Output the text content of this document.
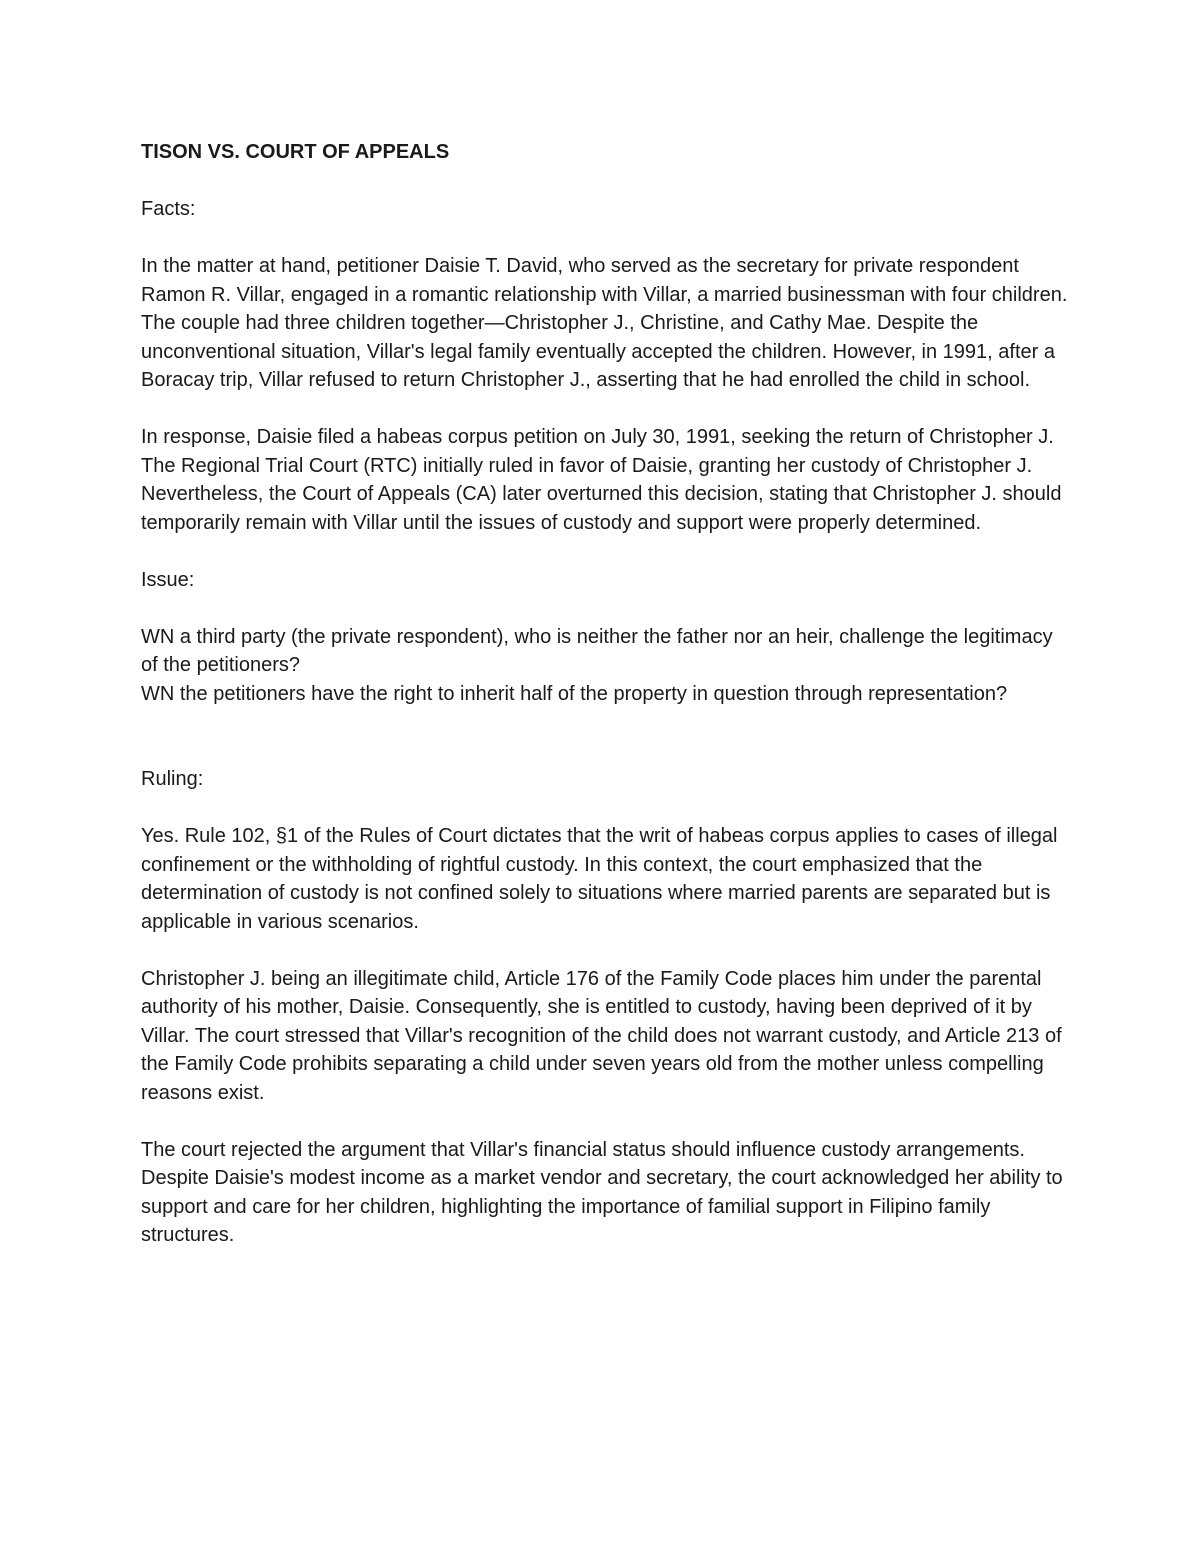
TISON VS. COURT OF APPEALS
Facts:

In the matter at hand, petitioner Daisie T. David, who served as the secretary for private respondent Ramon R. Villar, engaged in a romantic relationship with Villar, a married businessman with four children. The couple had three children together—Christopher J., Christine, and Cathy Mae. Despite the unconventional situation, Villar's legal family eventually accepted the children. However, in 1991, after a Boracay trip, Villar refused to return Christopher J., asserting that he had enrolled the child in school.

In response, Daisie filed a habeas corpus petition on July 30, 1991, seeking the return of Christopher J. The Regional Trial Court (RTC) initially ruled in favor of Daisie, granting her custody of Christopher J. Nevertheless, the Court of Appeals (CA) later overturned this decision, stating that Christopher J. should temporarily remain with Villar until the issues of custody and support were properly determined.

Issue:

WN a third party (the private respondent), who is neither the father nor an heir, challenge the legitimacy of the petitioners?

WN the petitioners have the right to inherit half of the property in question through representation?

Ruling:

Yes. Rule 102, §1 of the Rules of Court dictates that the writ of habeas corpus applies to cases of illegal confinement or the withholding of rightful custody. In this context, the court emphasized that the determination of custody is not confined solely to situations where married parents are separated but is applicable in various scenarios.

Christopher J. being an illegitimate child, Article 176 of the Family Code places him under the parental authority of his mother, Daisie. Consequently, she is entitled to custody, having been deprived of it by Villar. The court stressed that Villar's recognition of the child does not warrant custody, and Article 213 of the Family Code prohibits separating a child under seven years old from the mother unless compelling reasons exist.

The court rejected the argument that Villar's financial status should influence custody arrangements. Despite Daisie's modest income as a market vendor and secretary, the court acknowledged her ability to support and care for her children, highlighting the importance of familial support in Filipino family structures.
